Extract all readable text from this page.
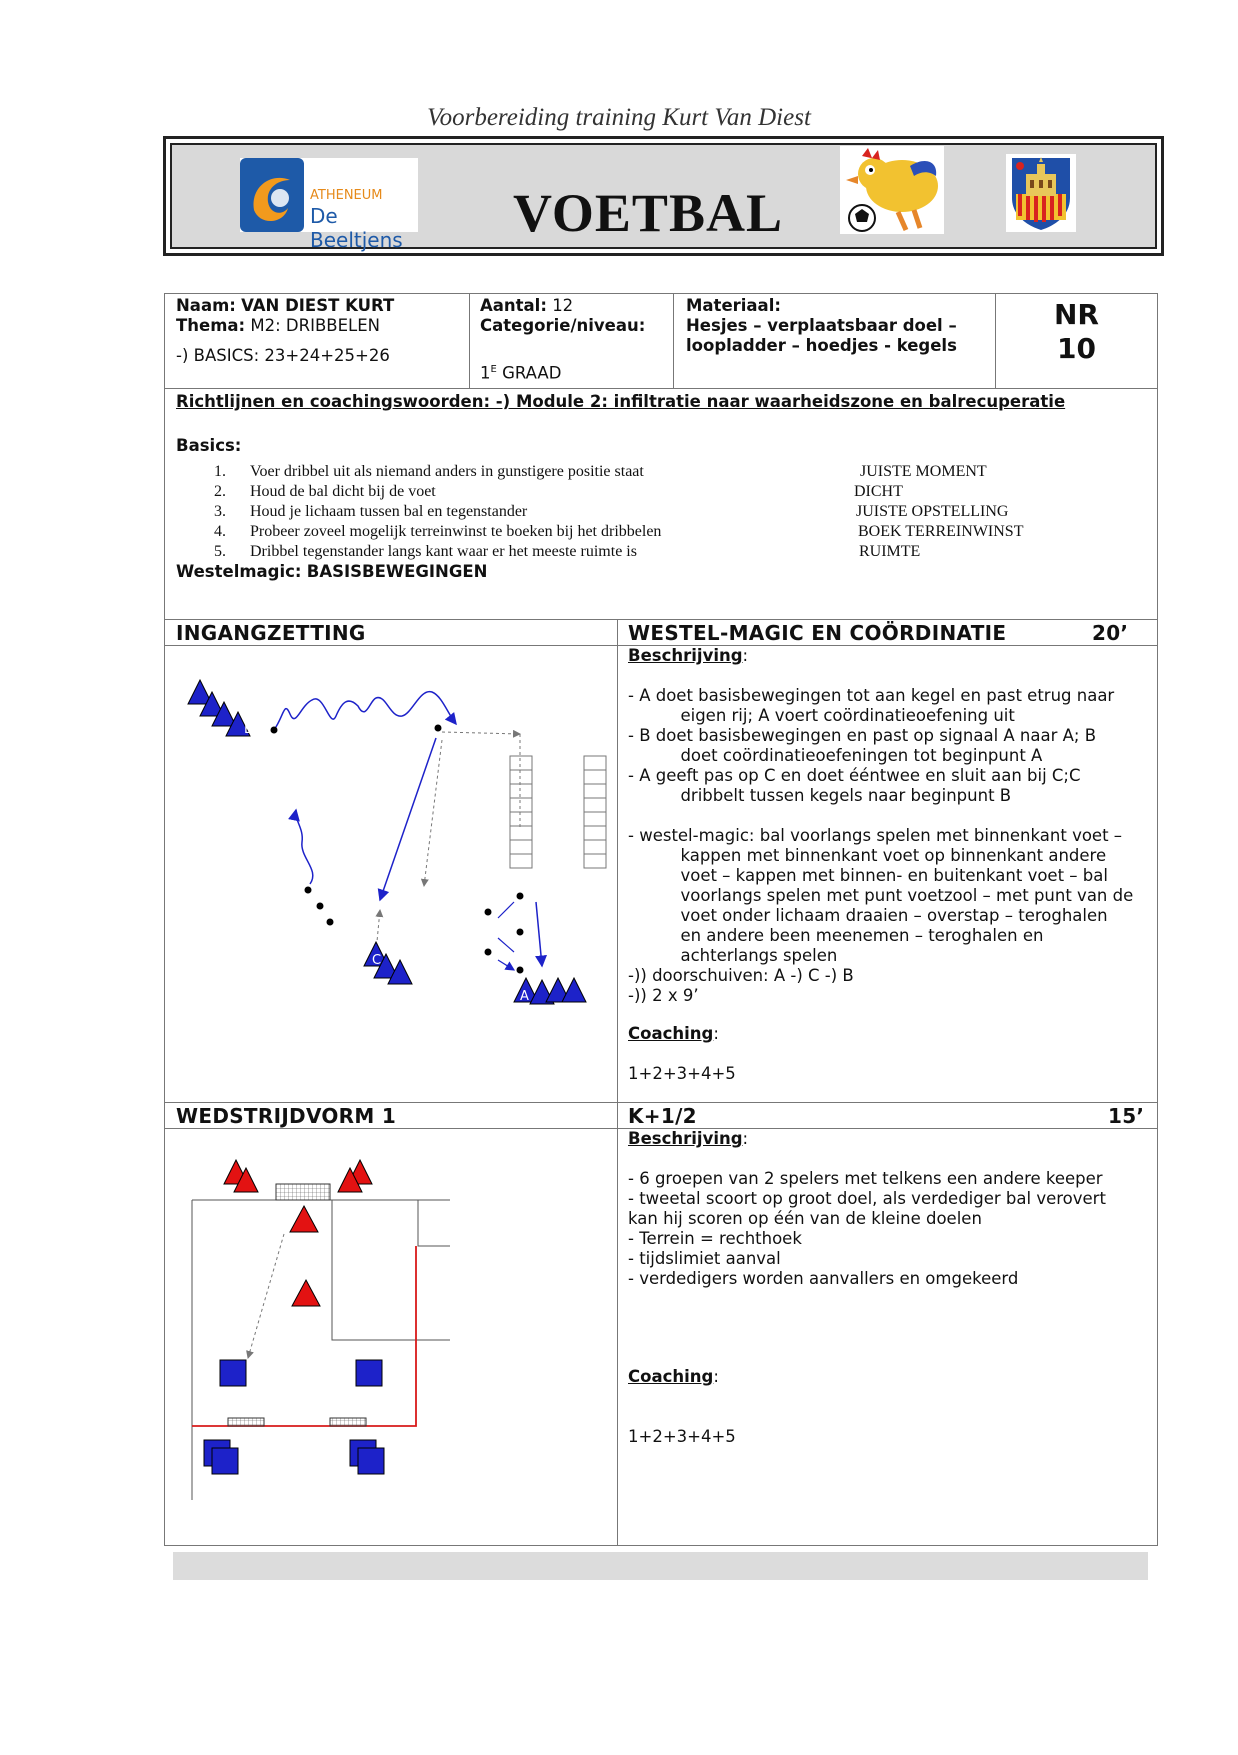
Voorbereiding training Kurt Van Diest
ATHENEUM
De Beeltjens VOETBAL
Naam: VAN DIEST KURT
Thema: M2: DRIBBELEN
-) BASICS: 23+24+25+26
Aantal: 12
Categorie/niveau:
$1^E$ GRAAD
Materiaal:
Hesjes – verplaatsbaar doel –
loopladder – hoedjes - kegels
NR
10
Richtlijnen en coachingswoorden: -) Module 2: infiltratie naar waarheidszone en balrecuperatie
Basics:
1. Voer dribbel uit als niemand anders in gunstigere positie staat	JUISTE MOMENT
2. Houd de bal dicht bij de voet	DICHT
3. Houd je lichaam tussen bal en tegenstander	JUISTE OPSTELLING
4. Probeer zoveel mogelijk terreinwinst te boeken bij het dribbelen	BOEK TERREINWINST
5. Dribbel tegenstander langs kant waar er het meeste ruimte is	RUIMTE
Westelmagic: BASISBEWEGINGEN
INGANGZETTING	WESTEL-MAGIC EN COÖRDINATIE	20’
Beschrijving:
- A doet basisbewegingen tot aan kegel en past etrug naar
eigen rij; A voert coördinatieoefening uit
- B doet basisbewegingen en past op signaal A naar A; B
doet coördinatieoefeningen tot beginpunt A
- A geeft pas op C en doet ééntwee en sluit aan bij C;C
dribbelt tussen kegels naar beginpunt B

- westel-magic: bal voorlangs spelen met binnenkant voet –
kappen met binnenkant voet op binnenkant andere
voet – kappen met binnen- en buitenkant voet – bal
voorlangs spelen met punt voetzool – met punt van de
voet onder lichaam draaien – overstap – teroghalen
en andere been meenemen – teroghalen en
achterlangs spelen
-)) doorschuiven: A -) C -) B
-)) 2 x 9’
Coaching:
1+2+3+4+5
B
C
A
WEDSTRIJDVORM 1	K+1/2	15’
Beschrijving:
- 6 groepen van 2 spelers met telkens een andere keeper
- tweetal scoort op groot doel, als verdediger bal verovert
kan hij scoren op één van de kleine doelen
- Terrein = rechthoek
- tijdslimiet aanval
- verdedigers worden aanvallers en omgekeerd
Coaching:
1+2+3+4+5
